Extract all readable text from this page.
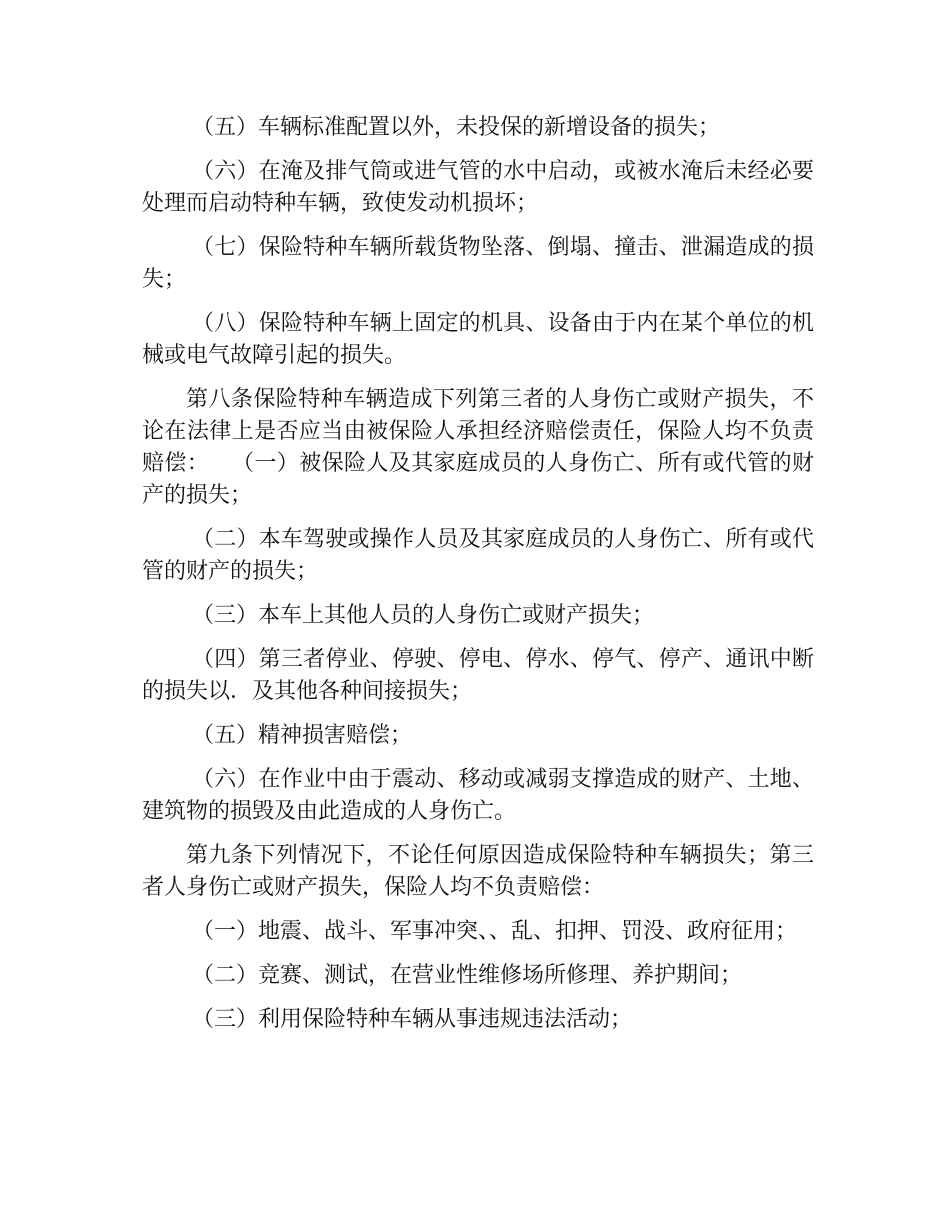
（五）车辆标准配置以外，未投保的新增设备的损失；

（六）在淹及排气筒或进气管的水中启动，或被水淹后未经必要处理而启动特种车辆，致使发动机损坏；

（七）保险特种车辆所载货物坠落、倒塌、撞击、泄漏造成的损失；

（八）保险特种车辆上固定的机具、设备由于内在某个单位的机械或电气故障引起的损失。

第八条保险特种车辆造成下列第三者的人身伤亡或财产损失，不论在法律上是否应当由被保险人承担经济赔偿责任，保险人均不负责赔偿：　　（一）被保险人及其家庭成员的人身伤亡、所有或代管的财产的损失；

（二）本车驾驶或操作人员及其家庭成员的人身伤亡、所有或代管的财产的损失；

（三）本车上其他人员的人身伤亡或财产损失；

（四）第三者停业、停驶、停电、停水、停气、停产、通讯中断的损失以．及其他各种间接损失；

（五）精神损害赔偿；

（六）在作业中由于震动、移动或减弱支撑造成的财产、土地、建筑物的损毁及由此造成的人身伤亡。

第九条下列情况下，不论任何原因造成保险特种车辆损失；第三者人身伤亡或财产损失，保险人均不负责赔偿：

（一）地震、战斗、军事冲突、、乱、扣押、罚没、政府征用；

（二）竞赛、测试，在营业性维修场所修理、养护期间；

（三）利用保险特种车辆从事违规违法活动；
